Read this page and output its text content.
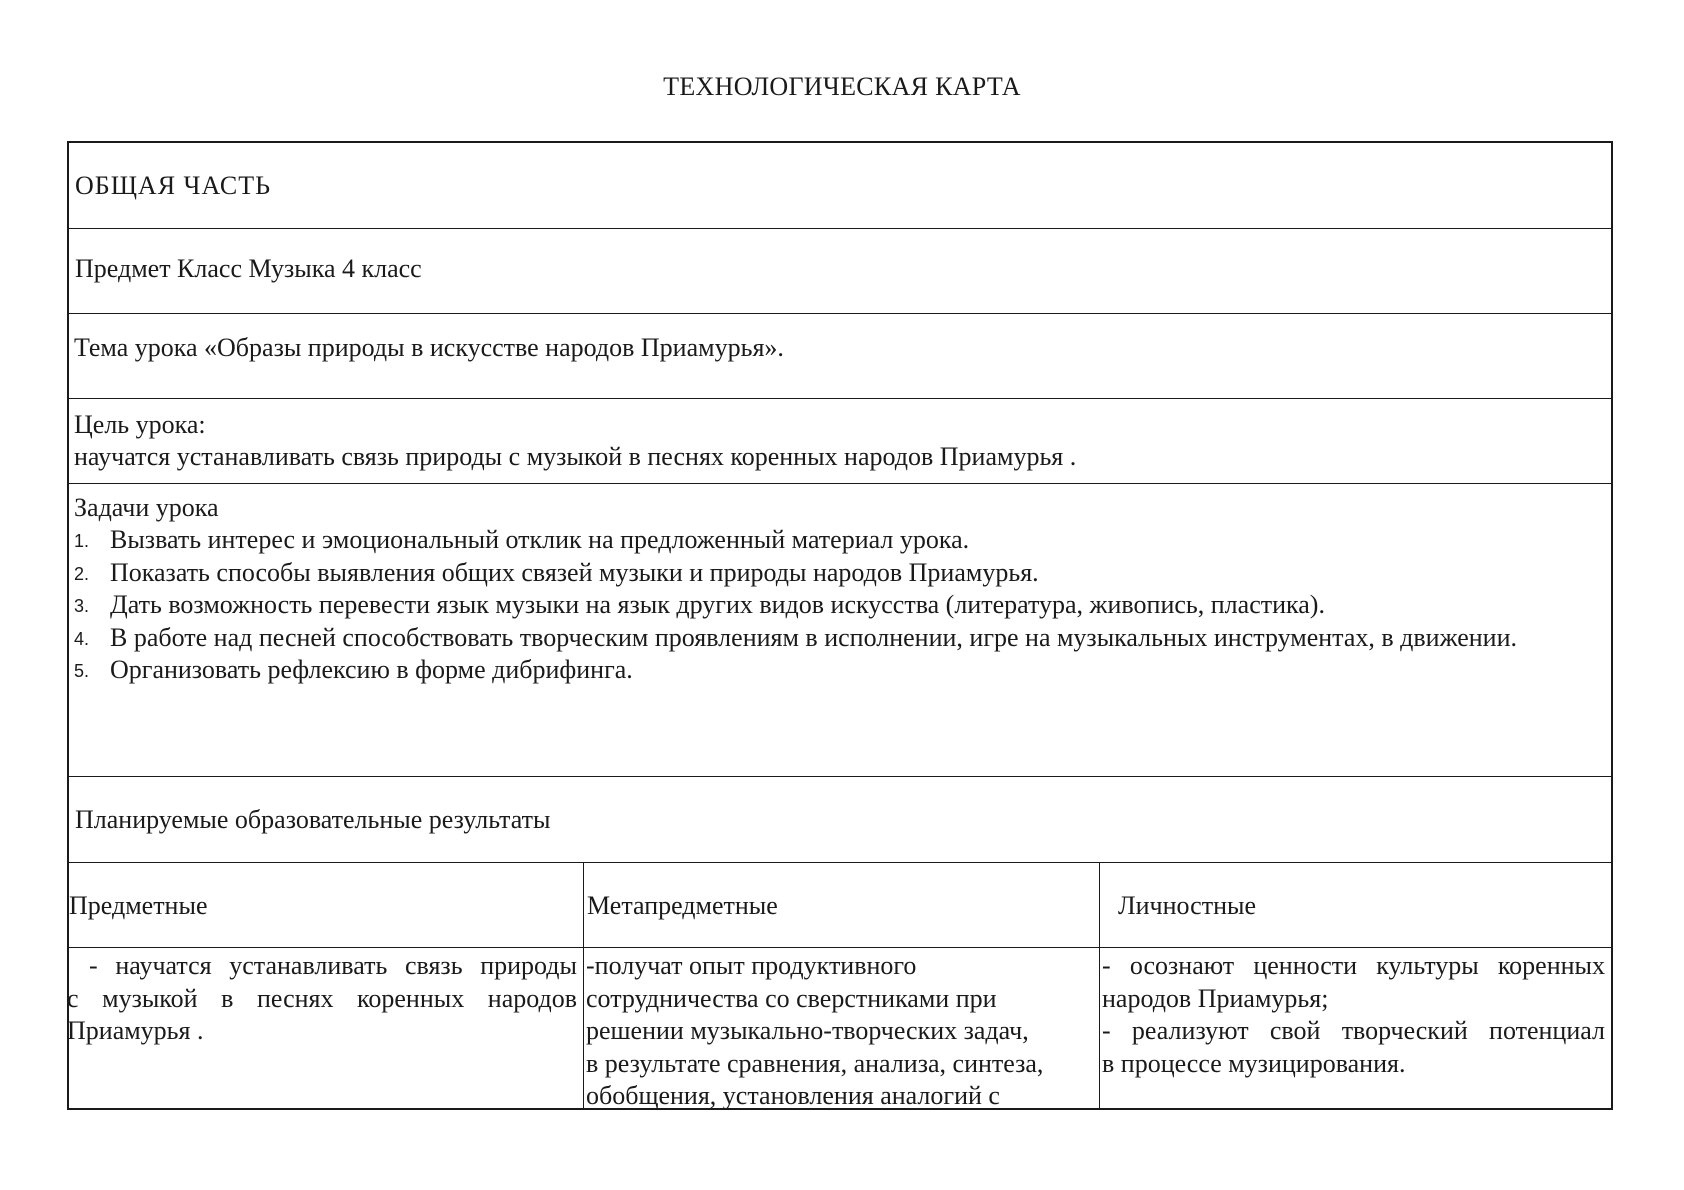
ТЕХНОЛОГИЧЕСКАЯ КАРТА
ОБЩАЯ ЧАСТЬ
Предмет Класс Музыка 4 класс
Тема урока «Образы природы в искусстве народов Приамурья».
Цель урока:
научатся устанавливать связь природы с музыкой в песнях коренных народов Приамурья .
Задачи урока
1. Вызвать интерес и эмоциональный отклик на предложенный материал урока.
2. Показать способы выявления общих связей музыки и природы народов Приамурья.
3. Дать возможность перевести язык музыки на язык других видов искусства (литература, живопись, пластика).
4. В работе над песней способствовать творческим проявлениям в исполнении, игре на музыкальных инструментах, в движении.
5. Организовать рефлексию в форме дибрифинга.
Планируемые образовательные результаты
Предметные	Метапредметные	Личностные
- научатся устанавливать связь природы
с музыкой в песнях коренных народов
Приамурья .
-получат опыт продуктивного
сотрудничества со сверстниками при
решении музыкально-творческих задач,
в результате сравнения, анализа, синтеза,
обобщения, установления аналогий с
- осознают ценности культуры коренных
народов Приамурья;
- реализуют свой творческий потенциал
в процессе музицирования.
